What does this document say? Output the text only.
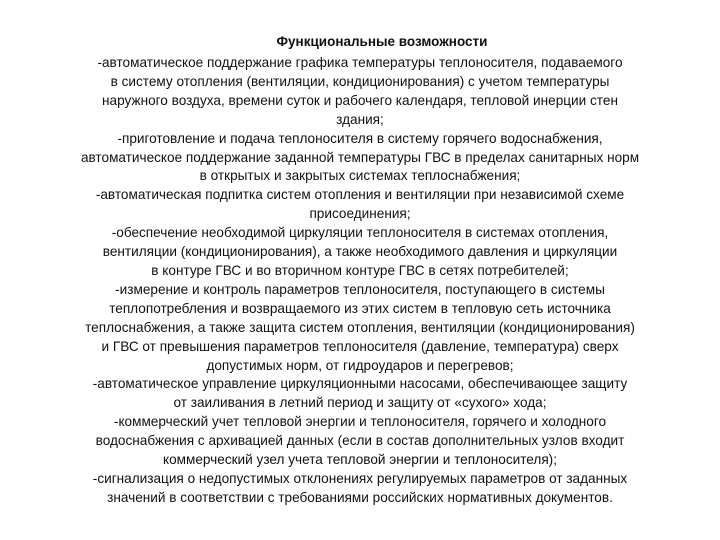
Функциональные возможности

-автоматическое поддержание графика температуры теплоносителя, подаваемого
в систему отопления (вентиляции, кондиционирования) с учетом температуры
наружного воздуха, времени суток и рабочего календаря, тепловой инерции стен
здания;

-приготовление и подача теплоносителя в систему горячего водоснабжения,
автоматическое поддержание заданной температуры ГВС в пределах санитарных норм
в открытых и закрытых системах теплоснабжения;

-автоматическая подпитка систем отопления и вентиляции при независимой схеме
присоединения;

-обеспечение необходимой циркуляции теплоносителя в системах отопления,
вентиляции (кондиционирования), а также необходимого давления и циркуляции
в контуре ГВС и во вторичном контуре ГВС в сетях потребителей;

-измерение и контроль параметров теплоносителя, поступающего в системы
теплопотребления и возвращаемого из этих систем в тепловую сеть источника
теплоснабжения, а также защита систем отопления, вентиляции (кондиционирования)
и ГВС от превышения параметров теплоносителя (давление, температура) сверх
допустимых норм, от гидроударов и перегревов;

-автоматическое управление циркуляционными насосами, обеспечивающее защиту
от заиливания в летний период и защиту от «сухого» хода;

-коммерческий учет тепловой энергии и теплоносителя, горячего и холодного
водоснабжения с архивацией данных (если в состав дополнительных узлов входит
коммерческий узел учета тепловой энергии и теплоносителя);

-сигнализация о недопустимых отклонениях регулируемых параметров от заданных
значений в соответствии с требованиями российских нормативных документов.
